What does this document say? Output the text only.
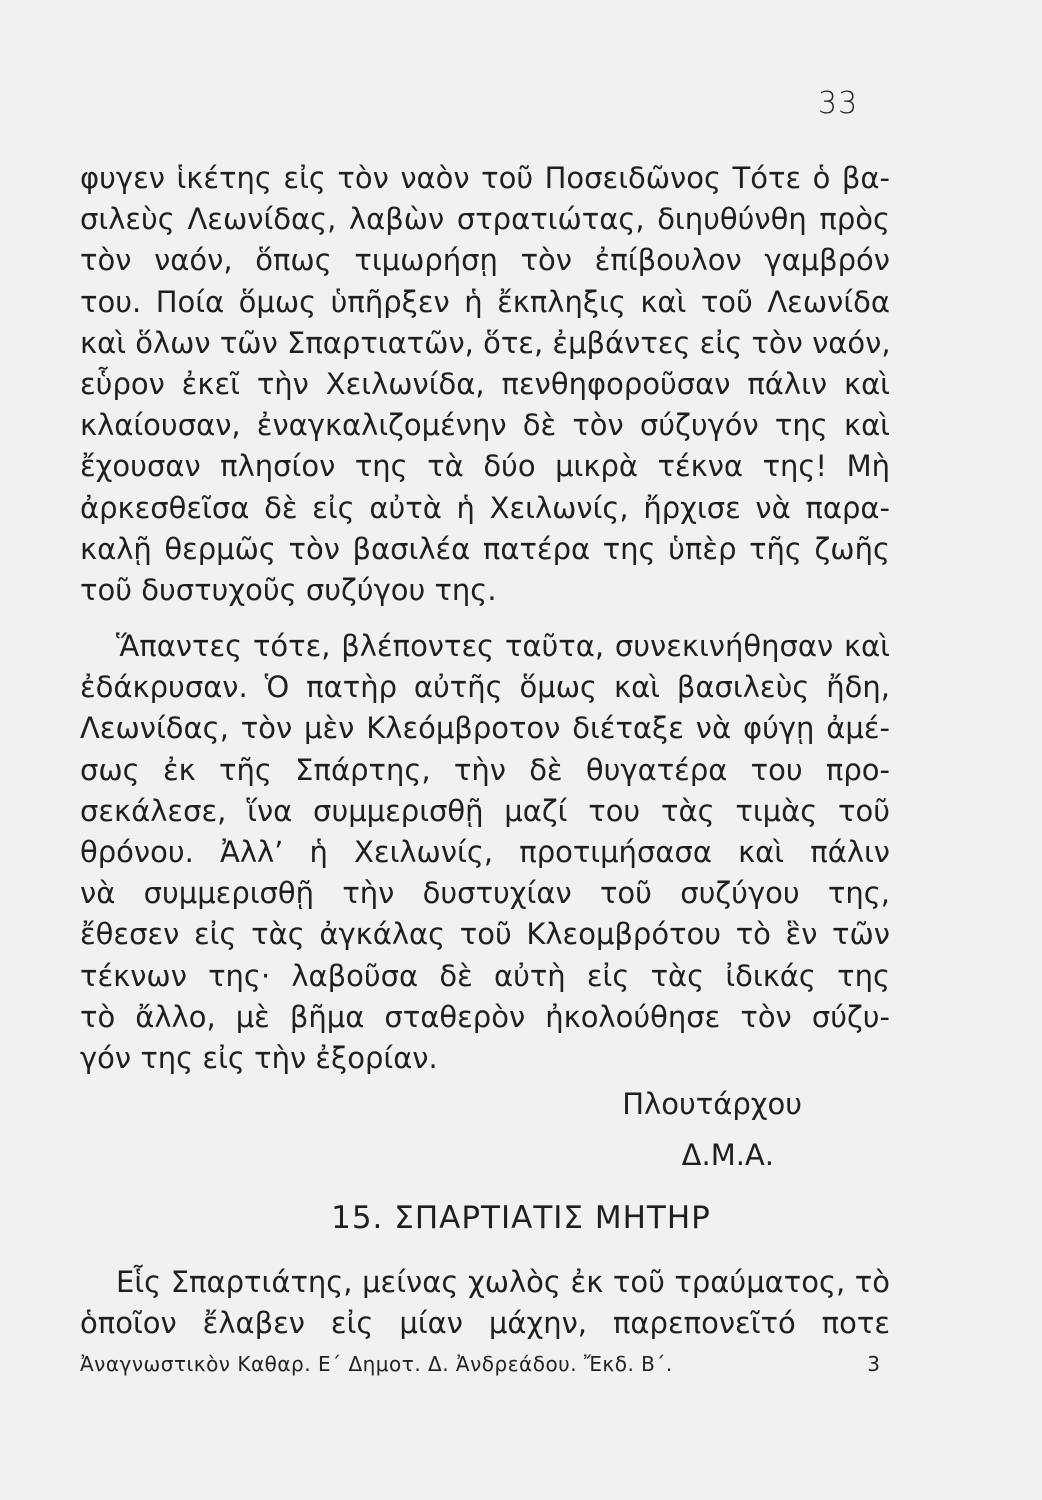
33
φυγεν ἱκέτης εἰς τὸν ναὸν τοῦ Ποσειδῶνος Τότε ὁ βα-
σιλεὺς Λεωνίδας, λαβὼν στρατιώτας, διηυθύνθη πρὸς
τὸν ναόν, ὅπως τιμωρήσῃ τὸν ἐπίβουλον γαμβρόν
του. Ποία ὅμως ὑπῆρξεν ἡ ἔκπληξις καὶ τοῦ Λεωνίδα
καὶ ὅλων τῶν Σπαρτιατῶν, ὅτε, ἐμβάντες εἰς τὸν ναόν,
εὗρον ἐκεῖ τὴν Χειλωνίδα, πενθηφοροῦσαν πάλιν καὶ
κλαίουσαν, ἐναγκαλιζομένην δὲ τὸν σύζυγόν της καὶ
ἔχουσαν πλησίον της τὰ δύο μικρὰ τέκνα της! Μὴ
ἀρκεσθεῖσα δὲ εἰς αὐτὰ ἡ Χειλωνίς, ἤρχισε νὰ παρα-
καλῇ θερμῶς τὸν βασιλέα πατέρα της ὑπὲρ τῆς ζωῆς
τοῦ δυστυχοῦς συζύγου της.
Ἅπαντες τότε, βλέποντες ταῦτα, συνεκινήθησαν καὶ
ἐδάκρυσαν. Ὁ πατὴρ αὐτῆς ὅμως καὶ βασιλεὺς ἤδη,
Λεωνίδας, τὸν μὲν Κλεόμβροτον διέταξε νὰ φύγῃ ἀμέ-
σως ἐκ τῆς Σπάρτης, τὴν δὲ θυγατέρα του προ-
σεκάλεσε, ἵνα συμμερισθῇ μαζί του τὰς τιμὰς τοῦ
θρόνου. Ἀλλ’ ἡ Χειλωνίς, προτιμήσασα καὶ πάλιν
νὰ συμμερισθῇ τὴν δυστυχίαν τοῦ συζύγου της,
ἔθεσεν εἰς τὰς ἀγκάλας τοῦ Κλεομβρότου τὸ ἓν τῶν
τέκνων της· λαβοῦσα δὲ αὐτὴ εἰς τὰς ἰδικάς της
τὸ ἄλλο, μὲ βῆμα σταθερὸν ἠκολούθησε τὸν σύζυ-
γόν της εἰς τὴν ἐξορίαν.
Πλουτάρχου
Δ.Μ.Α.
15. ΣΠΑΡΤΙΑΤΙΣ ΜΗΤΗΡ
Εἷς Σπαρτιάτης, μείνας χωλὸς ἐκ τοῦ τραύματος, τὸ
ὁποῖον ἔλαβεν εἰς μίαν μάχην, παρεπονεῖτό ποτε
Ἀναγνωστικὸν Καθαρ. Ε΄ Δημοτ. Δ. Ἀνδρεάδου. Ἔκδ. Β΄.	3
